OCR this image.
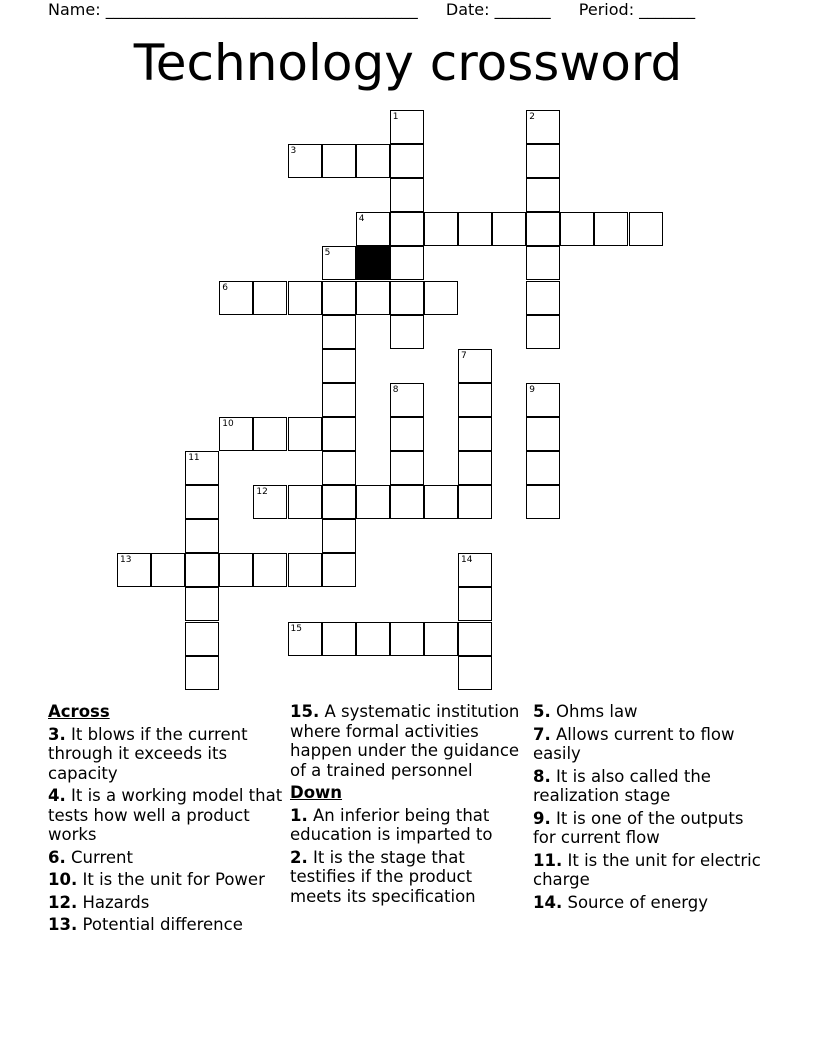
Name: _______________________________________ Date: _______ Period: _______
Technology crossword
3
4
6
10
12
13
15
1	2
5
7
8	9
11
14
Across
3. It blows if the current through it exceeds its capacity
4. It is a working model that tests how well a product works
6. Current
10. It is the unit for Power
12. Hazards
13. Potential difference
15. A systematic institution where formal activities happen under the guidance of a trained personnel
Down
1. An inferior being that education is imparted to
2. It is the stage that testifies if the product meets its specification
5. Ohms law
7. Allows current to flow easily
8. It is also called the realization stage
9. It is one of the outputs for current flow
11. It is the unit for electric charge
14. Source of energy
